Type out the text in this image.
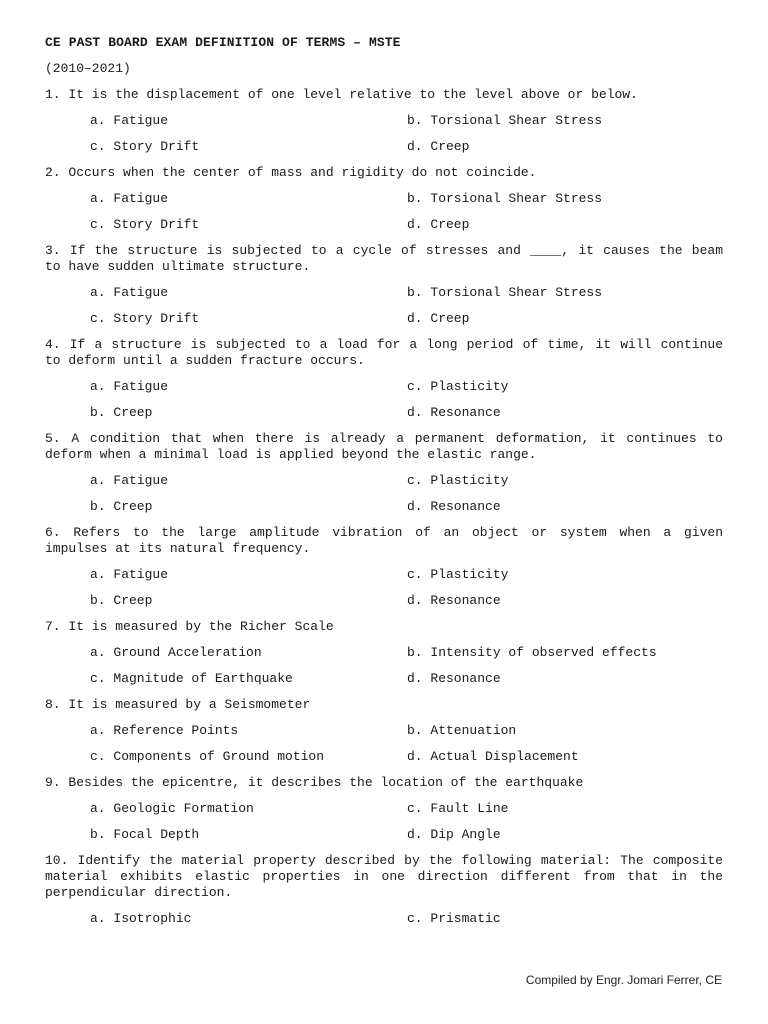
CE PAST BOARD EXAM DEFINITION OF TERMS – MSTE
(2010–2021)
1. It is the displacement of one level relative to the level above or below.
a. Fatigue	b. Torsional Shear Stress
c. Story Drift	d. Creep
2. Occurs when the center of mass and rigidity do not coincide.
a. Fatigue	b. Torsional Shear Stress
c. Story Drift	d. Creep
3. If the structure is subjected to a cycle of stresses and ____, it causes the beam to have sudden ultimate structure.
a. Fatigue	b. Torsional Shear Stress
c. Story Drift	d. Creep
4. If a structure is subjected to a load for a long period of time, it will continue to deform until a sudden fracture occurs.
a. Fatigue	c. Plasticity
b. Creep	d. Resonance
5. A condition that when there is already a permanent deformation, it continues to deform when a minimal load is applied beyond the elastic range.
a. Fatigue	c. Plasticity
b. Creep	d. Resonance
6. Refers to the large amplitude vibration of an object or system when a given impulses at its natural frequency.
a. Fatigue	c. Plasticity
b. Creep	d. Resonance
7. It is measured by the Richer Scale
a. Ground Acceleration	b. Intensity of observed effects
c. Magnitude of Earthquake	d. Resonance
8. It is measured by a Seismometer
a. Reference Points	b. Attenuation
c. Components of Ground motion	d. Actual Displacement
9. Besides the epicentre, it describes the location of the earthquake
a. Geologic Formation	c. Fault Line
b. Focal Depth	d. Dip Angle
10. Identify the material property described by the following material: The composite material exhibits elastic properties in one direction different from that in the perpendicular direction.
a. Isotrophic	c. Prismatic
Compiled by Engr. Jomari Ferrer, CE
